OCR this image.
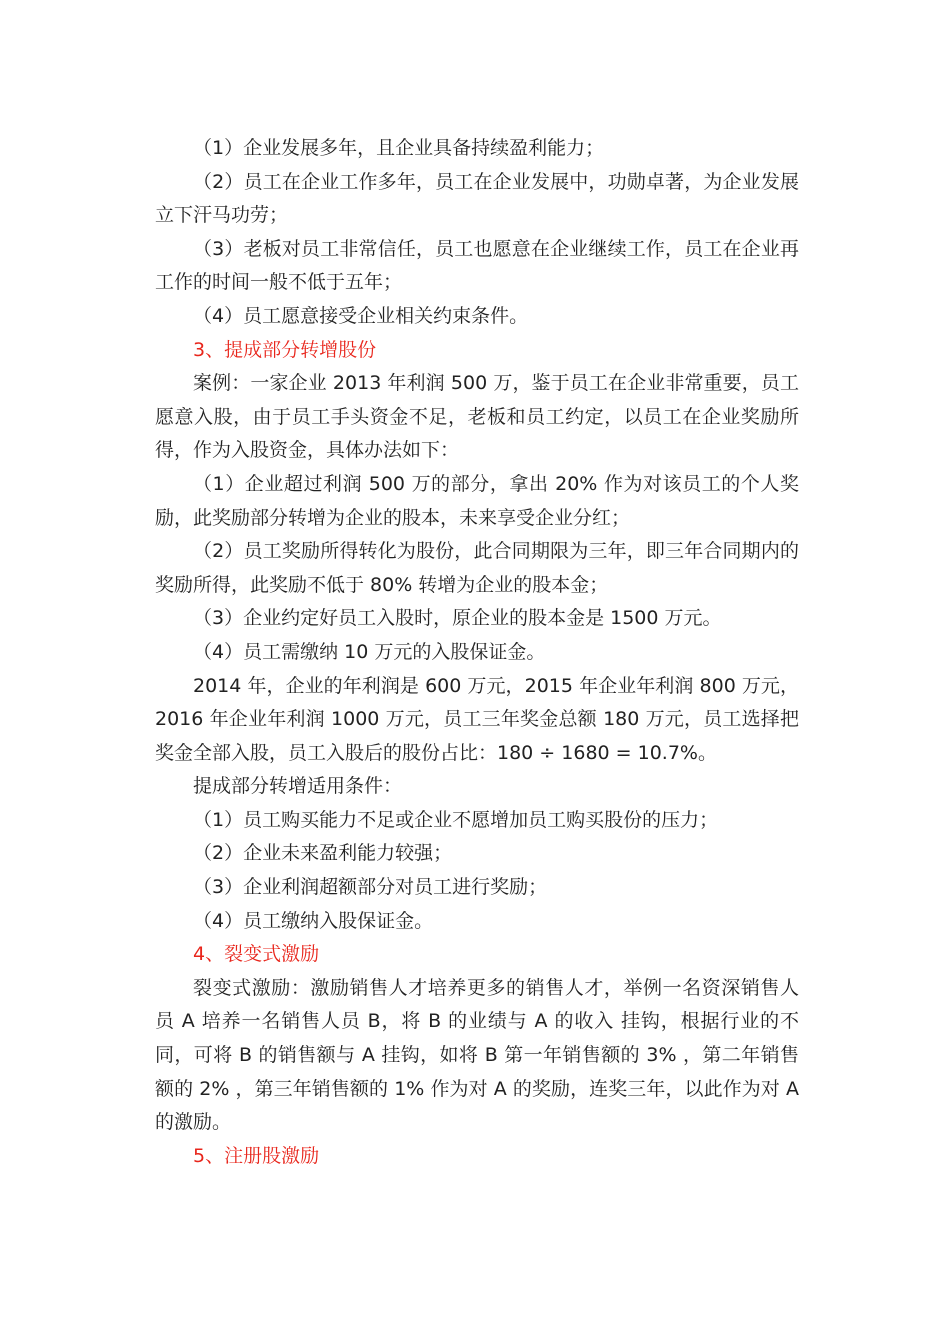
（1）企业发展多年，且企业具备持续盈利能力；

（2）员工在企业工作多年，员工在企业发展中，功勋卓著，为企业发展立下汗马功劳；

（3）老板对员工非常信任，员工也愿意在企业继续工作，员工在企业再工作的时间一般不低于五年；

（4）员工愿意接受企业相关约束条件。

3、提成部分转增股份

案例：一家企业 2013 年利润 500 万，鉴于员工在企业非常重要，员工愿意入股，由于员工手头资金不足，老板和员工约定，以员工在企业奖励所得，作为入股资金，具体办法如下：

（1）企业超过利润 500 万的部分，拿出 20% 作为对该员工的个人奖励，此奖励部分转增为企业的股本，未来享受企业分红；

（2）员工奖励所得转化为股份，此合同期限为三年，即三年合同期内的奖励所得，此奖励不低于 80% 转增为企业的股本金；

（3）企业约定好员工入股时，原企业的股本金是 1500 万元。

（4）员工需缴纳 10 万元的入股保证金。

2014 年，企业的年利润是 600 万元，2015 年企业年利润 800 万元，2016 年企业年利润 1000 万元，员工三年奖金总额 180 万元，员工选择把奖金全部入股，员工入股后的股份占比：180 ÷ 1680 = 10.7%。

提成部分转增适用条件：

（1）员工购买能力不足或企业不愿增加员工购买股份的压力；

（2）企业未来盈利能力较强；

（3）企业利润超额部分对员工进行奖励；

（4）员工缴纳入股保证金。

4、裂变式激励

裂变式激励：激励销售人才培养更多的销售人才，举例一名资深销售人员 A 培养一名销售人员 B，将 B 的业绩与 A 的收入 挂钩，根据行业的不同，可将 B 的销售额与 A 挂钩，如将 B 第一年销售额的 3% ，第二年销售额的 2% ，第三年销售额的 1% 作为对 A 的奖励，连奖三年，以此作为对 A 的激励。

5、注册股激励
